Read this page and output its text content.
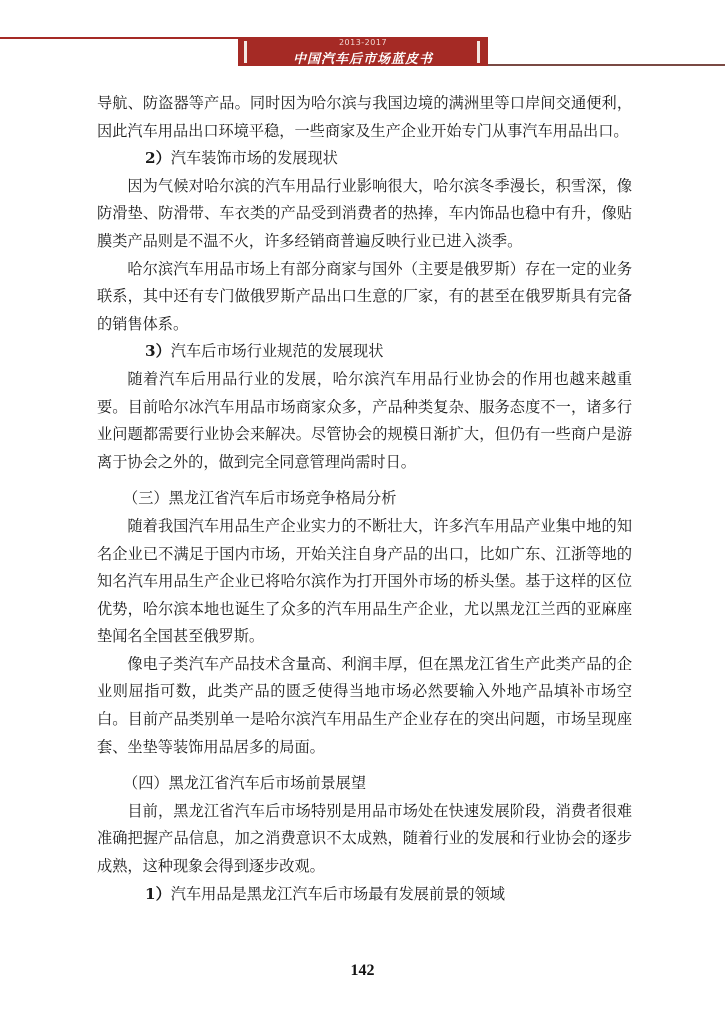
2013-2017
中国汽车后市场蓝皮书

导航、防盗器等产品。同时因为哈尔滨与我国边境的满洲里等口岸间交通便利，因此汽车用品出口环境平稳，一些商家及生产企业开始专门从事汽车用品出口。

2）汽车装饰市场的发展现状

因为气候对哈尔滨的汽车用品行业影响很大，哈尔滨冬季漫长，积雪深，像防滑垫、防滑带、车衣类的产品受到消费者的热捧，车内饰品也稳中有升，像贴膜类产品则是不温不火，许多经销商普遍反映行业已进入淡季。

哈尔滨汽车用品市场上有部分商家与国外（主要是俄罗斯）存在一定的业务联系，其中还有专门做俄罗斯产品出口生意的厂家，有的甚至在俄罗斯具有完备的销售体系。

3）汽车后市场行业规范的发展现状

随着汽车后用品行业的发展，哈尔滨汽车用品行业协会的作用也越来越重要。目前哈尔冰汽车用品市场商家众多，产品种类复杂、服务态度不一，诸多行业问题都需要行业协会来解决。尽管协会的规模日渐扩大，但仍有一些商户是游离于协会之外的，做到完全同意管理尚需时日。

（三）黑龙江省汽车后市场竞争格局分析

随着我国汽车用品生产企业实力的不断壮大，许多汽车用品产业集中地的知名企业已不满足于国内市场，开始关注自身产品的出口，比如广东、江浙等地的知名汽车用品生产企业已将哈尔滨作为打开国外市场的桥头堡。基于这样的区位优势，哈尔滨本地也诞生了众多的汽车用品生产企业，尤以黑龙江兰西的亚麻座垫闻名全国甚至俄罗斯。

像电子类汽车产品技术含量高、利润丰厚，但在黑龙江省生产此类产品的企业则屈指可数，此类产品的匮乏使得当地市场必然要输入外地产品填补市场空白。目前产品类别单一是哈尔滨汽车用品生产企业存在的突出问题，市场呈现座套、坐垫等装饰用品居多的局面。

（四）黑龙江省汽车后市场前景展望

目前，黑龙江省汽车后市场特别是用品市场处在快速发展阶段，消费者很难准确把握产品信息，加之消费意识不太成熟，随着行业的发展和行业协会的逐步成熟，这种现象会得到逐步改观。

1）汽车用品是黑龙江汽车后市场最有发展前景的领域

142
